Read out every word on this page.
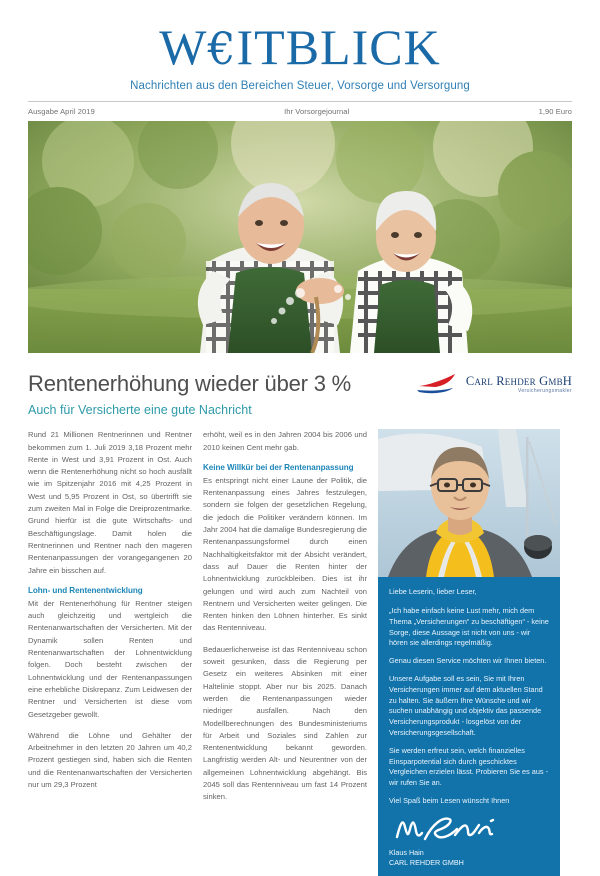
W€ITBLICK
Nachrichten aus den Bereichen Steuer, Vorsorge und Versorgung
Ausgabe April 2019	Ihr Vorsorgejournal	1,90 Euro
Rentenerhöhung wieder über 3 %
Auch für Versicherte eine gute Nachricht
Carl Rehder GmbH
Versicherungsmakler

Rund 21 Millionen Rentnerinnen und Rentner bekommen zum 1. Juli 2019 3,18 Prozent mehr Rente in West und 3,91 Prozent in Ost. Auch wenn die Rentenerhöhung nicht so hoch ausfällt wie im Spitzenjahr 2016 mit 4,25 Prozent in West und 5,95 Prozent in Ost, so übertrifft sie zum zweiten Mal in Folge die Dreiprozentmarke. Grund hierfür ist die gute Wirtschafts- und Beschäftigungslage. Damit holen die Rentnerinnen und Rentner nach den mageren Rentenanpassungen der vorangegangenen 20 Jahre ein bisschen auf.

Lohn- und Rentenentwicklung

Mit der Rentenerhöhung für Rentner steigen auch gleichzeitig und wertgleich die Rentenanwartschaften der Versicherten. Mit der Dynamik sollen Renten und Rentenanwartschaften der Lohnentwicklung folgen. Doch besteht zwischen der Lohnentwicklung und der Rentenanpassungen eine erhebliche Diskrepanz. Zum Leidwesen der Rentner und Versicherten ist diese vom Gesetzgeber gewollt.

Während die Löhne und Gehälter der Arbeitnehmer in den letzten 20 Jahren um 40,2 Prozent gestiegen sind, haben sich die Renten und die Rentenanwartschaften der Versicherten nur um 29,3 Prozent

erhöht, weil es in den Jahren 2004 bis 2006 und 2010 keinen Cent mehr gab.

Keine Willkür bei der Rentenanpassung

Es entspringt nicht einer Laune der Politik, die Rentenanpassung eines Jahres festzulegen, sondern sie folgen der gesetzlichen Regelung, die jedoch die Politiker verändern können. Im Jahr 2004 hat die damalige Bundesregierung die Rentenanpassungsformel durch einen Nachhaltigkeitsfaktor mit der Absicht verändert, dass auf Dauer die Renten hinter der Lohnentwicklung zurückbleiben. Dies ist ihr gelungen und wird auch zum Nachteil von Rentnern und Versicherten weiter gelingen. Die Renten hinken den Löhnen hinterher. Es sinkt das Rentenniveau.

Bedauerlicherweise ist das Rentenniveau schon soweit gesunken, dass die Regierung per Gesetz ein weiteres Absinken mit einer Haltelinie stoppt. Aber nur bis 2025. Danach werden die Rentenanpassungen wieder niedriger ausfallen. Nach den Modellberechnungen des Bundesministeriums für Arbeit und Soziales sind Zahlen zur Rentenentwicklung bekannt geworden. Langfristig werden Alt- und Neurentner von der allgemeinen Lohnentwicklung abgehängt. Bis 2045 soll das Rentenniveau um fast 14 Prozent sinken.

Liebe Leserin, lieber Leser,

„Ich habe einfach keine Lust mehr, mich dem Thema „Versicherungen“ zu beschäftigen“ - keine Sorge, diese Aussage ist nicht von uns - wir hören sie allerdings regelmäßig.

Genau diesen Service möchten wir Ihnen bieten.

Unsere Aufgabe soll es sein, Sie mit Ihren Versicherungen immer auf dem aktuellen Stand zu halten. Sie äußern Ihre Wünsche und wir suchen unabhängig und objektiv das passende Versicherungsprodukt - losgelöst von der Versicherungsgesellschaft.

Sie werden erfreut sein, welch finanzielles Einsparpotential sich durch geschicktes Vergleichen erzielen lässt. Probieren Sie es aus - wir rufen Sie an.

Viel Spaß beim Lesen wünscht Ihnen

Klaus Hain
CARL REHDER GMBH
